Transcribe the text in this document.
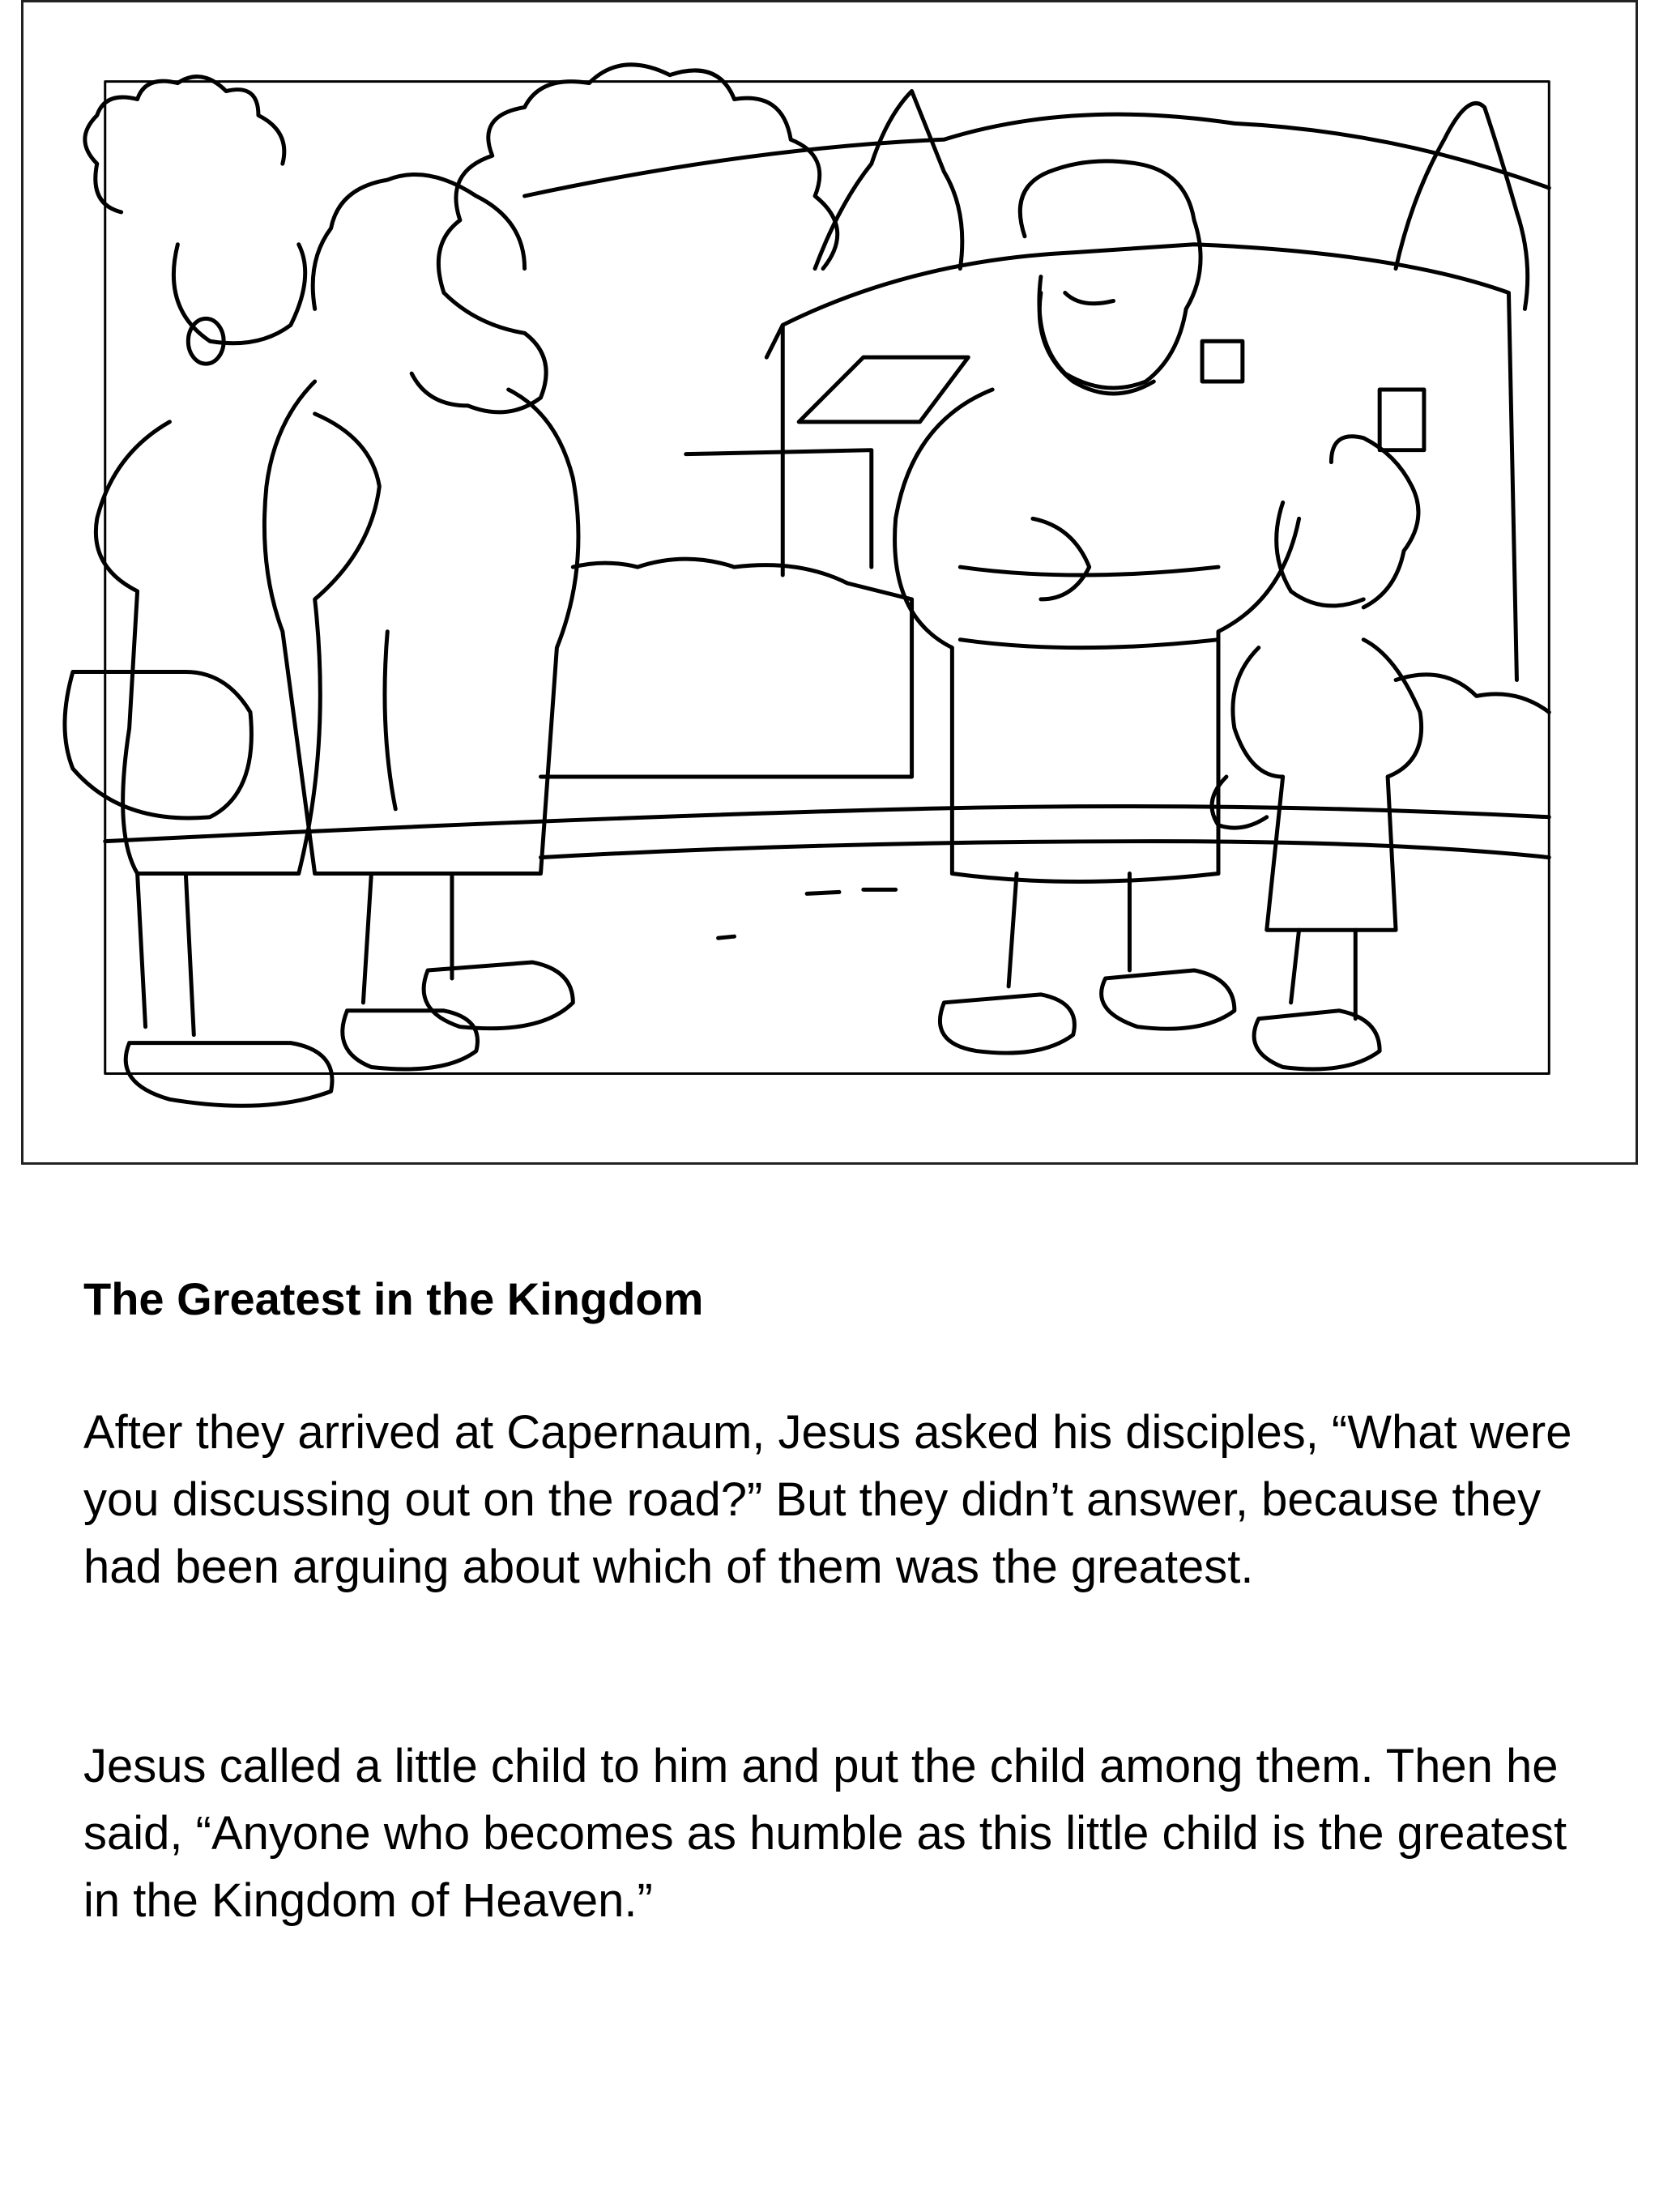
The Greatest in the Kingdom

After they arrived at Capernaum, Jesus asked his disciples, “What were you discussing out on the road?” But they didn’t answer, because they had been arguing about which of them was the greatest.

Jesus called a little child to him and put the child among them. Then he said, “Anyone who becomes as humble as this little child is the greatest in the Kingdom of Heaven.”
